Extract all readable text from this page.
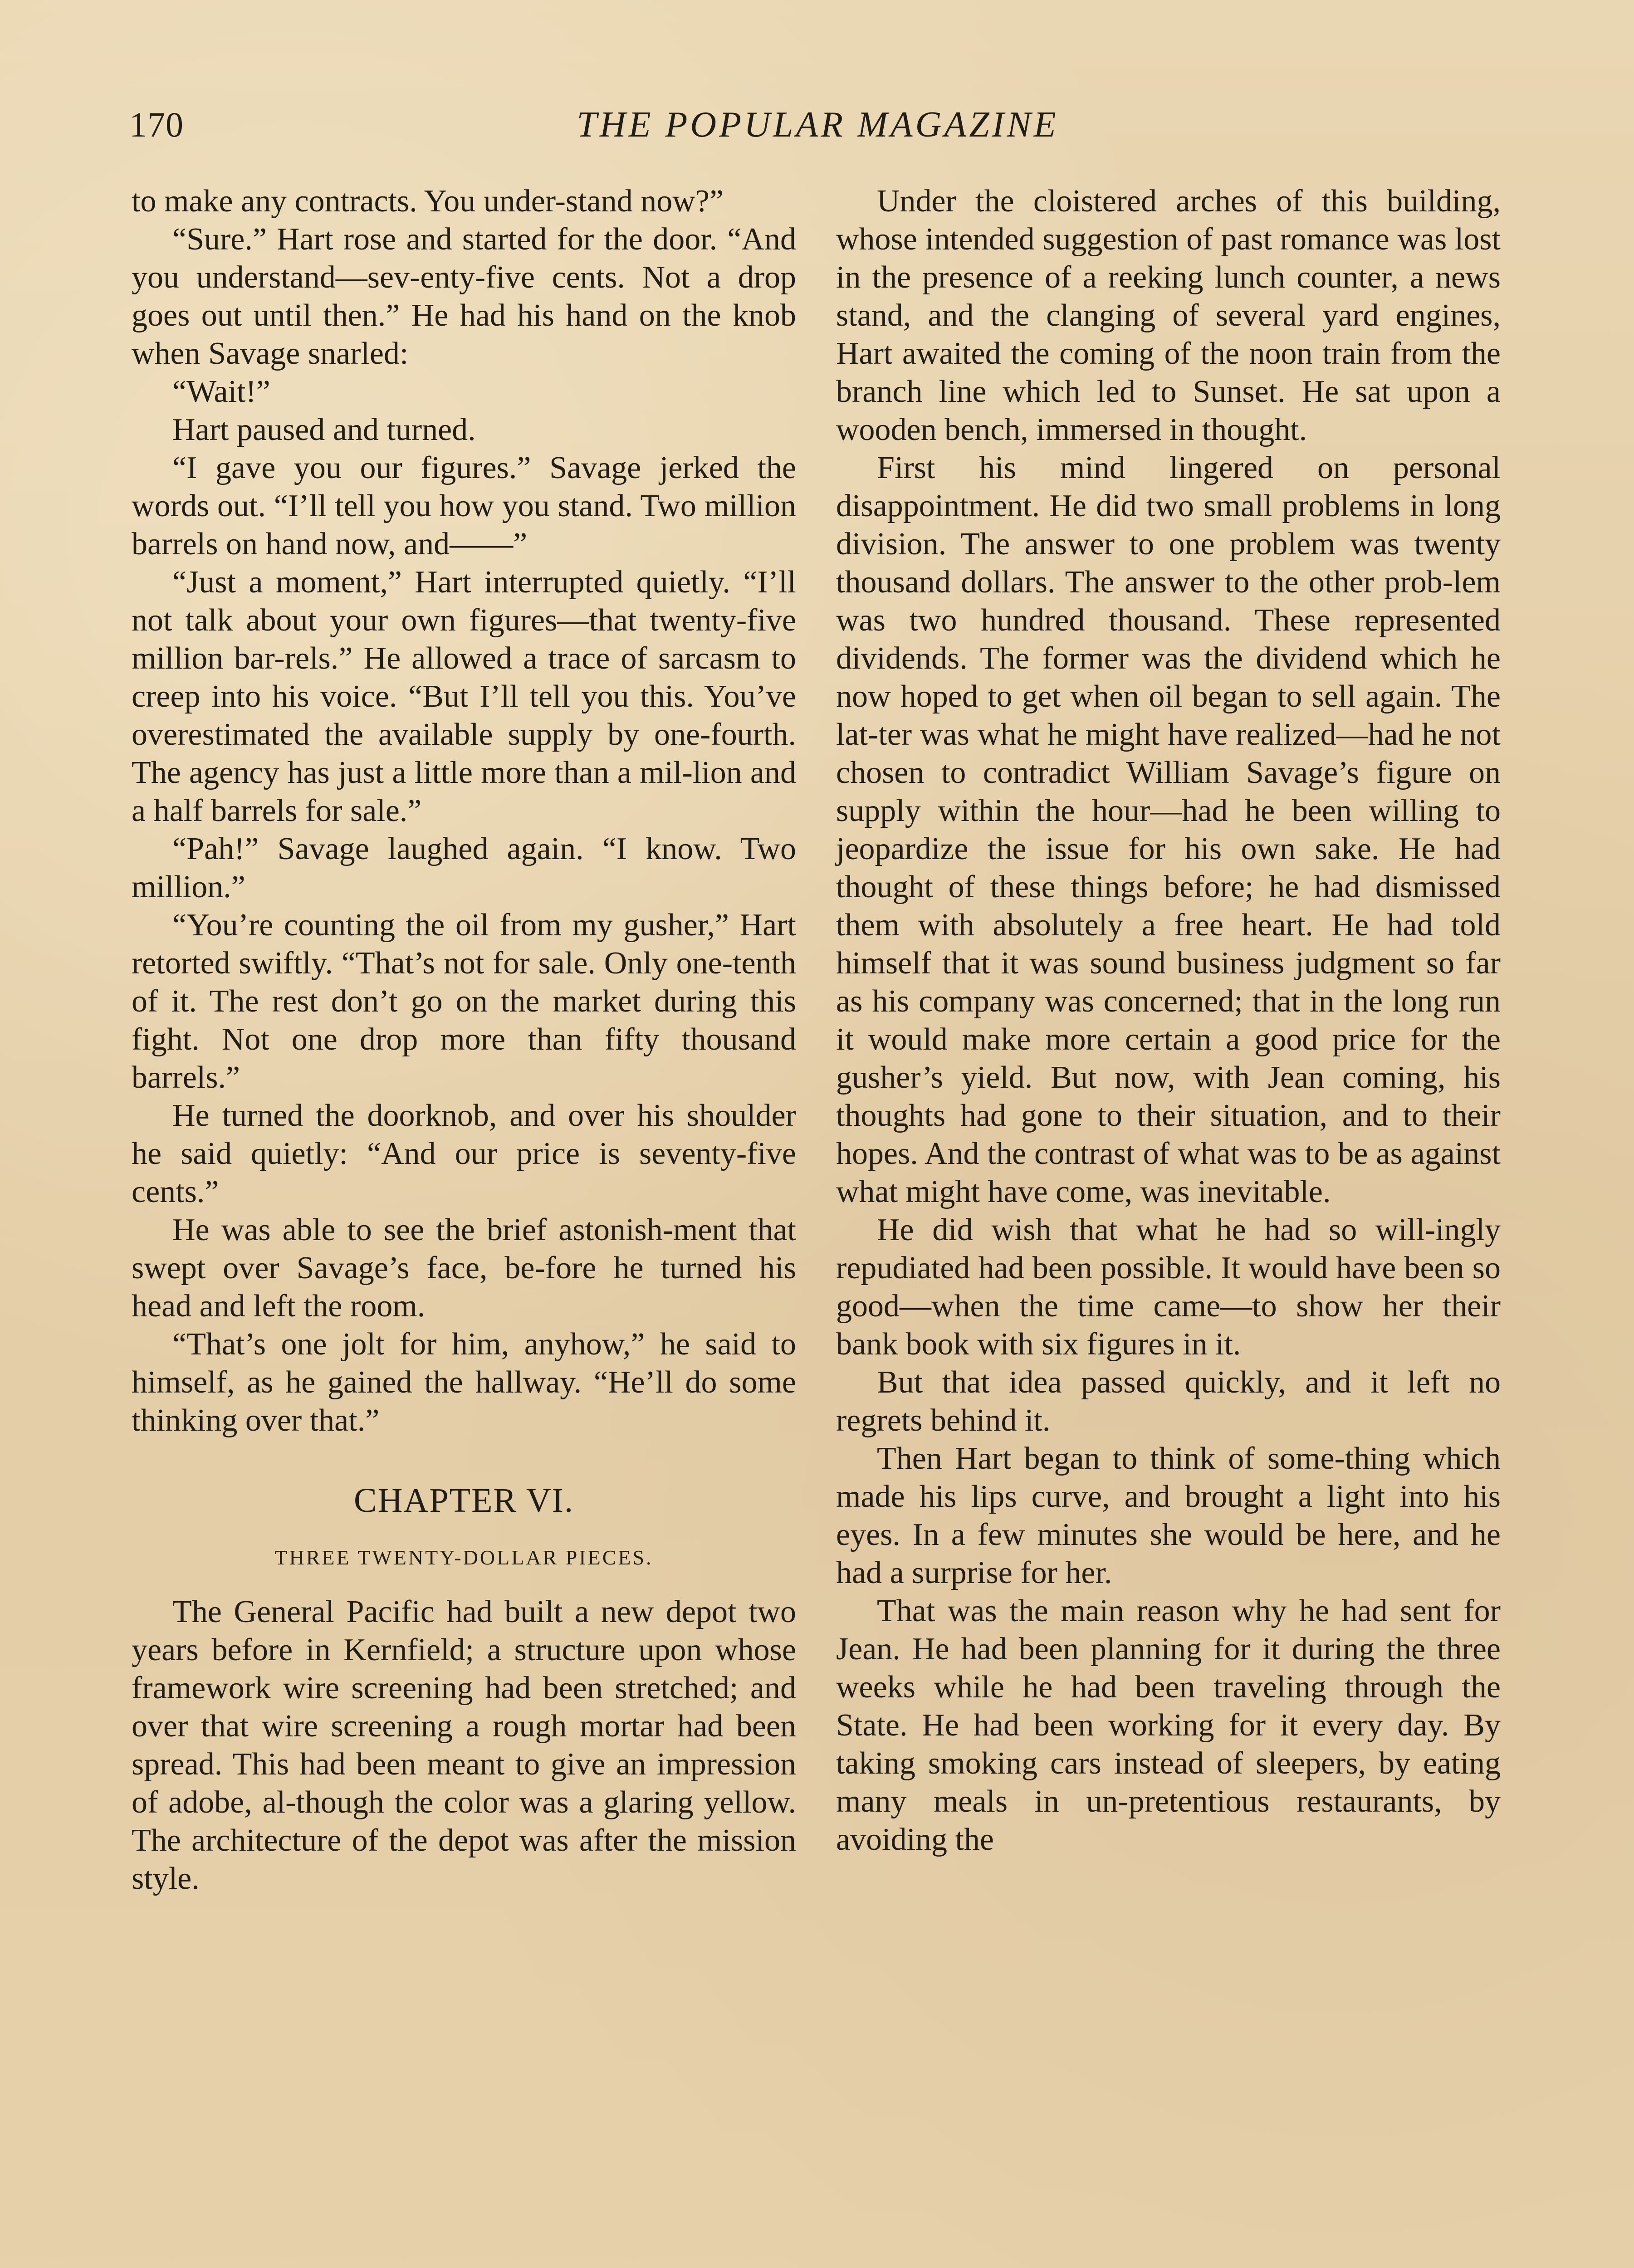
170	THE POPULAR MAGAZINE

to make any contracts. You under-stand now?”

“Sure.” Hart rose and started for the door. “And you understand—sev-enty-five cents. Not a drop goes out until then.” He had his hand on the knob when Savage snarled:

“Wait!”

Hart paused and turned.

“I gave you our figures.” Savage jerked the words out. “I’ll tell you how you stand. Two million barrels on hand now, and——”

“Just a moment,” Hart interrupted quietly. “I’ll not talk about your own figures—that twenty-five million bar-rels.” He allowed a trace of sarcasm to creep into his voice. “But I’ll tell you this. You’ve overestimated the available supply by one-fourth. The agency has just a little more than a mil-lion and a half barrels for sale.”

“Pah!” Savage laughed again. “I know. Two million.”

“You’re counting the oil from my gusher,” Hart retorted swiftly. “That’s not for sale. Only one-tenth of it. The rest don’t go on the market during this fight. Not one drop more than fifty thousand barrels.”

He turned the doorknob, and over his shoulder he said quietly: “And our price is seventy-five cents.”

He was able to see the brief astonish-ment that swept over Savage’s face, be-fore he turned his head and left the room.

“That’s one jolt for him, anyhow,” he said to himself, as he gained the hallway. “He’ll do some thinking over that.”

CHAPTER VI.
THREE TWENTY-DOLLAR PIECES.

The General Pacific had built a new depot two years before in Kernfield; a structure upon whose framework wire screening had been stretched; and over that wire screening a rough mortar had been spread. This had been meant to give an impression of adobe, al-though the color was a glaring yellow. The architecture of the depot was after the mission style.

Under the cloistered arches of this building, whose intended suggestion of past romance was lost in the presence of a reeking lunch counter, a news stand, and the clanging of several yard engines, Hart awaited the coming of the noon train from the branch line which led to Sunset. He sat upon a wooden bench, immersed in thought.

First his mind lingered on personal disappointment. He did two small problems in long division. The answer to one problem was twenty thousand dollars. The answer to the other prob-lem was two hundred thousand. These represented dividends. The former was the dividend which he now hoped to get when oil began to sell again. The lat-ter was what he might have realized—had he not chosen to contradict William Savage’s figure on supply within the hour—had he been willing to jeopardize the issue for his own sake. He had thought of these things before; he had dismissed them with absolutely a free heart. He had told himself that it was sound business judgment so far as his company was concerned; that in the long run it would make more certain a good price for the gusher’s yield. But now, with Jean coming, his thoughts had gone to their situation, and to their hopes. And the contrast of what was to be as against what might have come, was inevitable.

He did wish that what he had so will-ingly repudiated had been possible. It would have been so good—when the time came—to show her their bank book with six figures in it.

But that idea passed quickly, and it left no regrets behind it.

Then Hart began to think of some-thing which made his lips curve, and brought a light into his eyes. In a few minutes she would be here, and he had a surprise for her.

That was the main reason why he had sent for Jean. He had been planning for it during the three weeks while he had been traveling through the State. He had been working for it every day. By taking smoking cars instead of sleepers, by eating many meals in un-pretentious restaurants, by avoiding the
